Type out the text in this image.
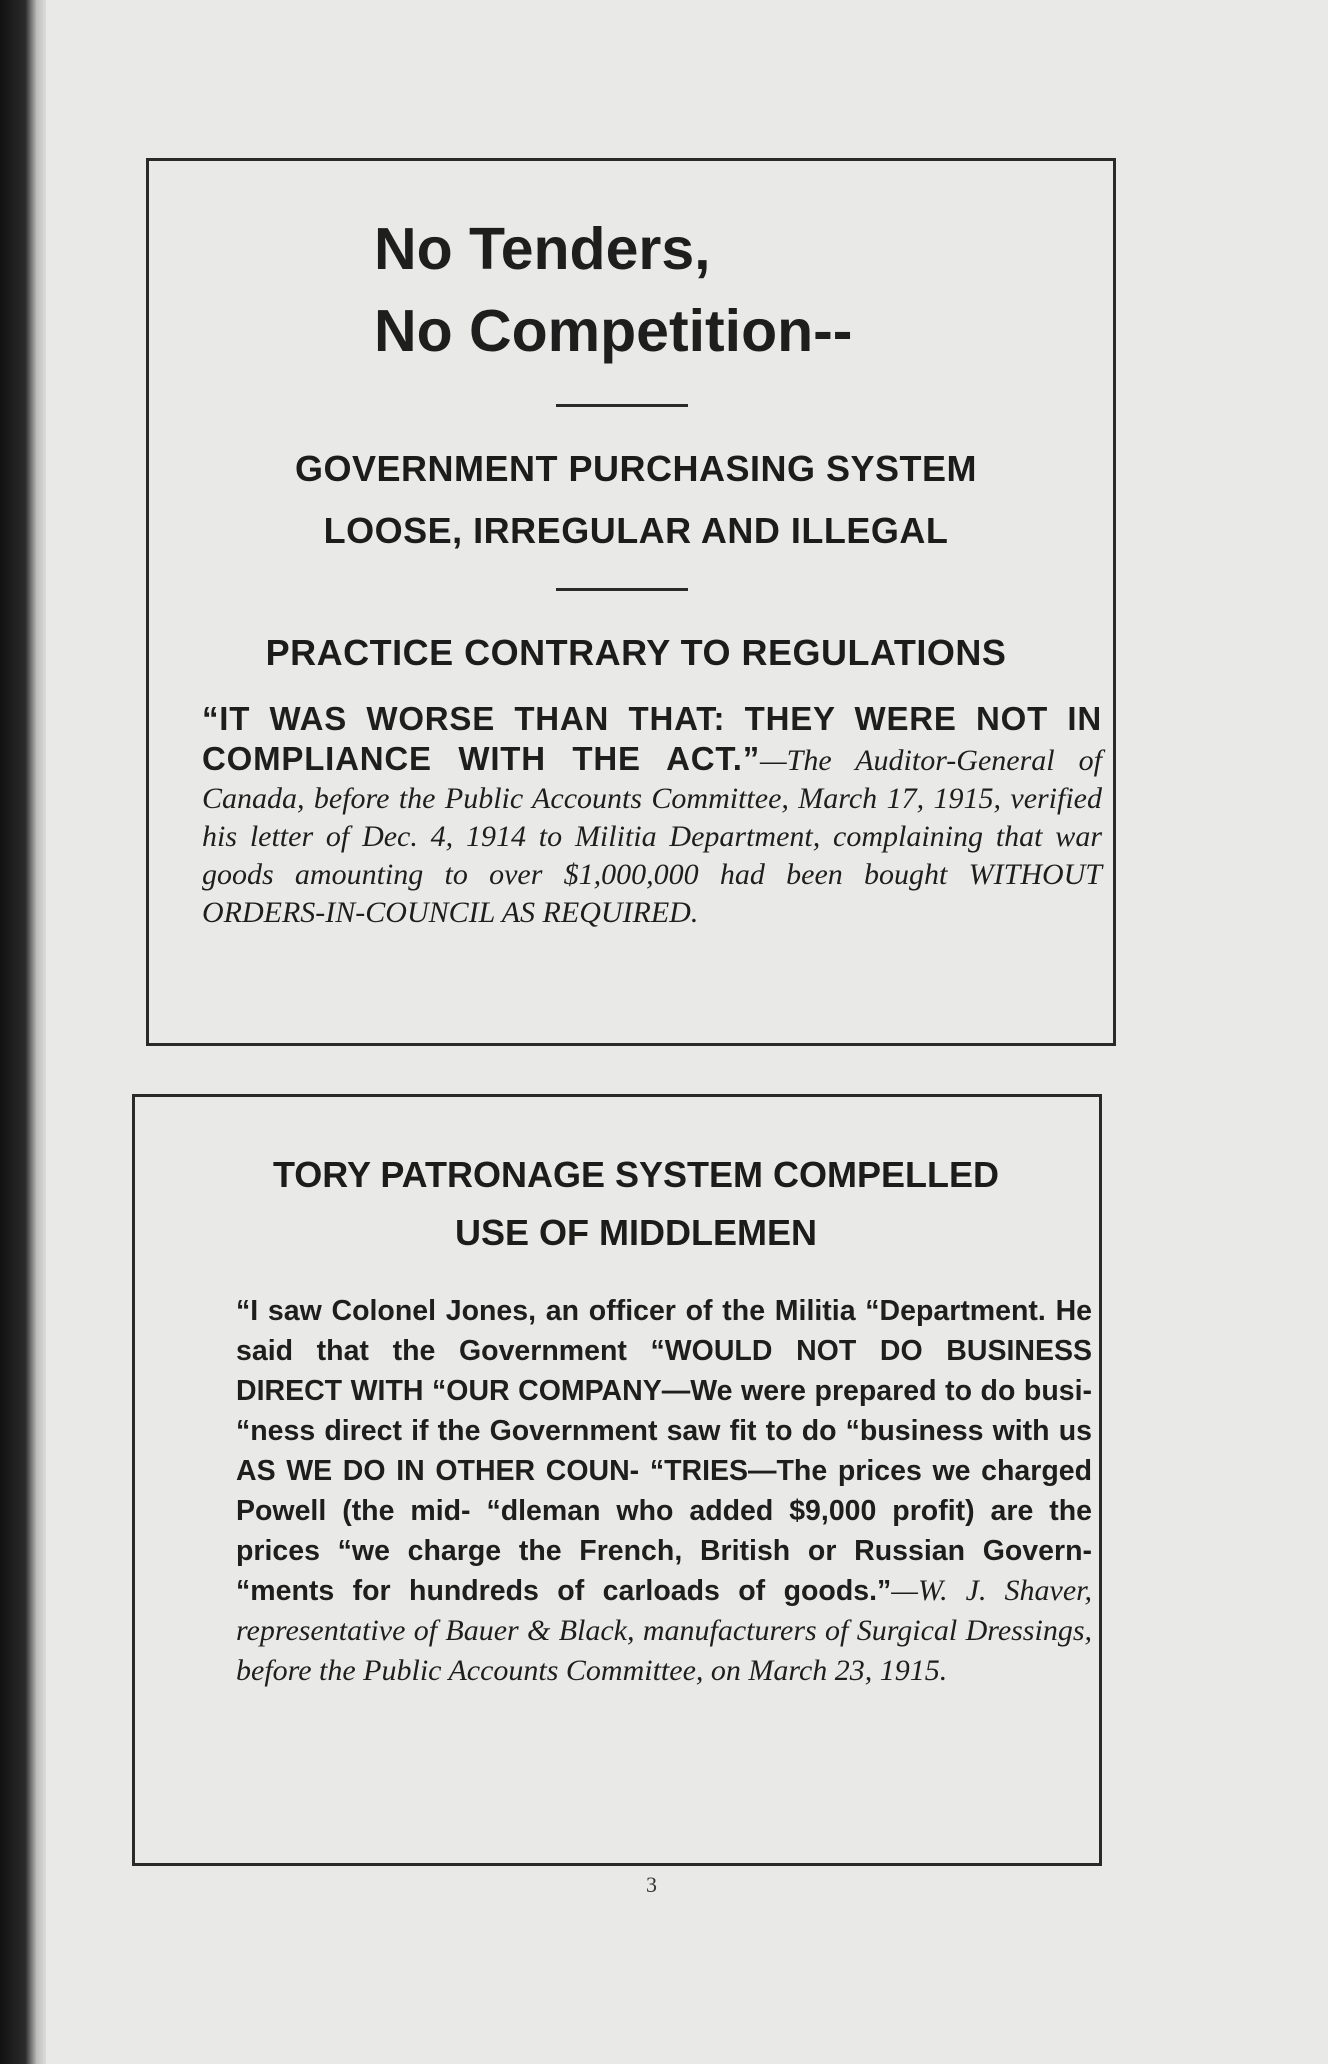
No Tenders,
No Competition--
GOVERNMENT PURCHASING SYSTEM
LOOSE, IRREGULAR AND ILLEGAL
PRACTICE CONTRARY TO REGULATIONS

“IT WAS WORSE THAN THAT: THEY WERE NOT IN COMPLIANCE WITH THE ACT.”—The Auditor-General of Canada, before the Public Accounts Committee, March 17, 1915, verified his letter of Dec. 4, 1914 to Militia Department, complaining that war goods amounting to over $1,000,000 had been bought WITHOUT ORDERS-IN-COUNCIL AS REQUIRED.

TORY PATRONAGE SYSTEM COMPELLED
USE OF MIDDLEMEN

“I saw Colonel Jones, an officer of the Militia “Department. He said that the Government “WOULD NOT DO BUSINESS DIRECT WITH “OUR COMPANY—We were prepared to do busi- “ness direct if the Government saw fit to do “business with us AS WE DO IN OTHER COUN- “TRIES—The prices we charged Powell (the mid- “dleman who added $9,000 profit) are the prices “we charge the French, British or Russian Govern- “ments for hundreds of carloads of goods.”—W. J. Shaver, representative of Bauer & Black, manufacturers of Surgical Dressings, before the Public Accounts Committee, on March 23, 1915.

3
